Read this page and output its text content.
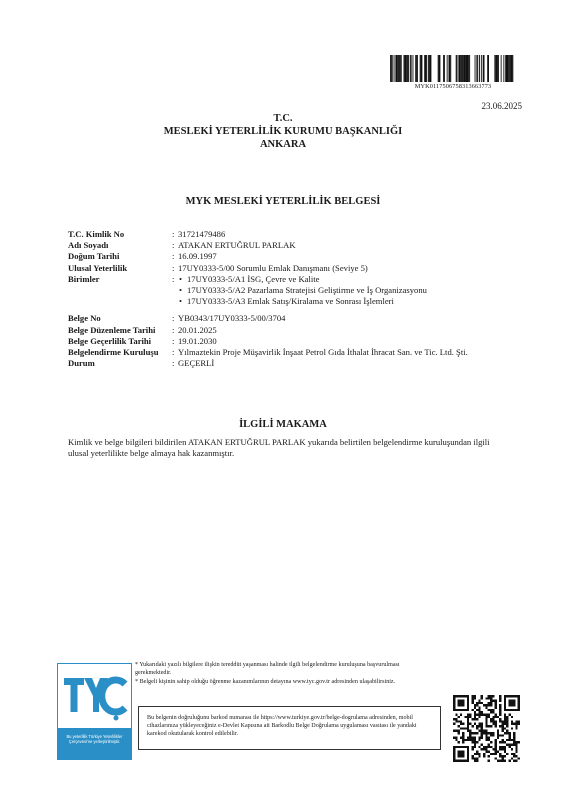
MYK0117506758313663773
23.06.2025
T.C.
MESLEKİ YETERLİLİK KURUMU BAŞKANLIĞI
ANKARA
MYK MESLEKİ YETERLİLİK BELGESİ
T.C. Kimlik No	: 31721479486
Adı Soyadı	: ATAKAN ERTUĞRUL PARLAK
Doğum Tarihi	: 16.09.1997
Ulusal Yeterlilik	: 17UY0333-5/00 Sorumlu Emlak Danışmanı (Seviye 5)
Birimler	:
•	17UY0333-5/A1 İSG, Çevre ve Kalite
• 17UY0333-5/A2 Pazarlama Stratejisi Geliştirme ve İş Organizasyonu
• 17UY0333-5/A3 Emlak Satış/Kiralama ve Sonrası İşlemleri
Belge No	: YB0343/17UY0333-5/00/3704
Belge Düzenleme Tarihi	: 20.01.2025
Belge Geçerlilik Tarihi	: 19.01.2030
Belgelendirme Kuruluşu	: Yılmaztekin Proje Müşavirlik İnşaat Petrol Gıda İthalat İhracat San. ve Tic. Ltd. Şti.
Durum	: GEÇERLİ
İLGİLİ MAKAMA
Kimlik ve belge bilgileri bildirilen ATAKAN ERTUĞRUL PARLAK yukarıda belirtilen belgelendirme kuruluşundan ilgili ulusal yeterlilikte belge almaya hak kazanmıştır.
Bu yeterlilik Türkiye Yeterlilikler Çerçevesi'ne yerleştirilmiştir.

* Yukarıdaki yazılı bilgilere ilişkin tereddüt yaşanması halinde ilgili belgelendirme kuruluşuna başvurulması gerekmektedir.

* Belgeli kişinin sahip olduğu öğrenme kazanımlarının detayına www.tyc.gov.tr adresinden ulaşabilirsiniz.

Bu belgenin doğruluğunu barkod numarası ile https://www.turkiye.gov.tr/belge-dogrulama adresinden, mobil cihazlarınıza yükleyeceğiniz e-Devlet Kapısına ait Barkodlu Belge Doğrulama uygulaması vasıtası ile yandaki karekod okutularak kontrol edilebilir.
